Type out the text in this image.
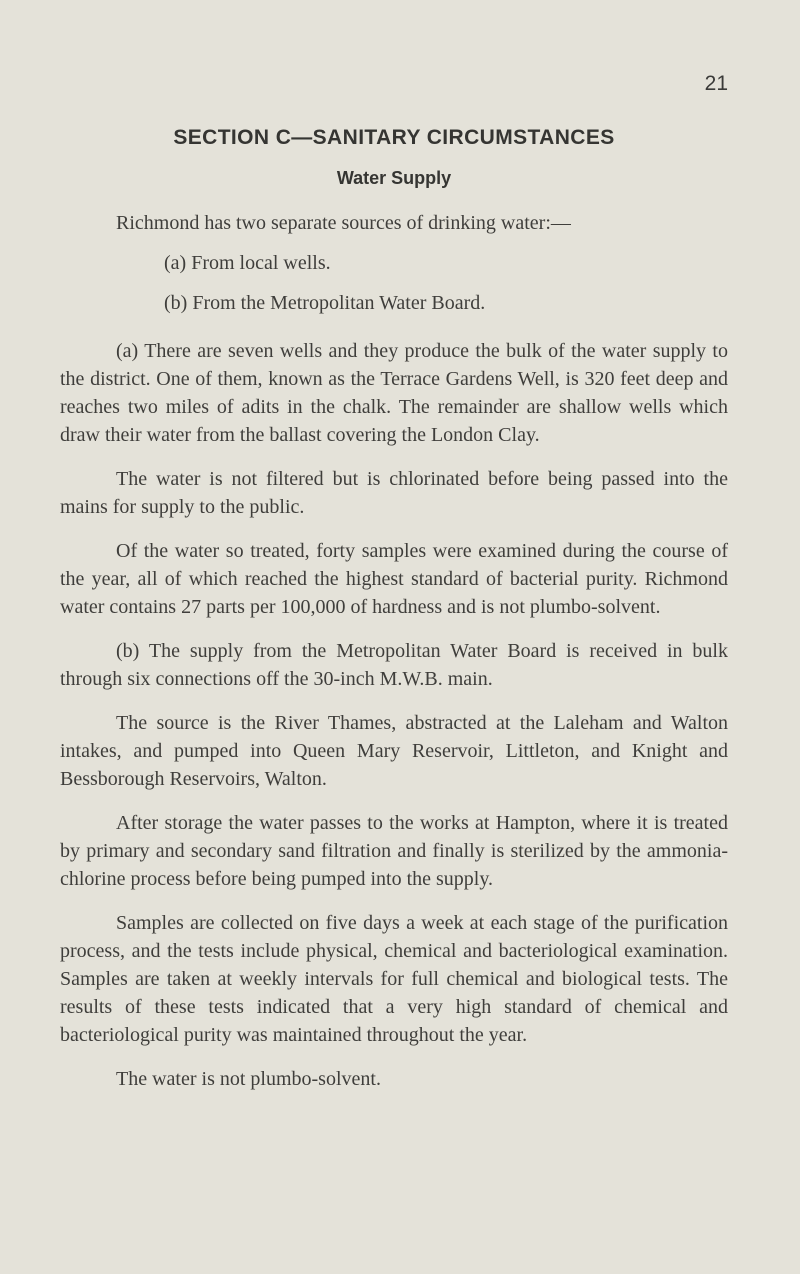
21
SECTION C—SANITARY CIRCUMSTANCES
Water Supply
Richmond has two separate sources of drinking water:—
(a) From local wells.
(b) From the Metropolitan Water Board.

(a) There are seven wells and they produce the bulk of the water supply to the district. One of them, known as the Terrace Gardens Well, is 320 feet deep and reaches two miles of adits in the chalk. The remainder are shallow wells which draw their water from the ballast covering the London Clay.

The water is not filtered but is chlorinated before being passed into the mains for supply to the public.

Of the water so treated, forty samples were examined during the course of the year, all of which reached the highest standard of bacterial purity. Richmond water contains 27 parts per 100,000 of hardness and is not plumbo-solvent.

(b) The supply from the Metropolitan Water Board is received in bulk through six connections off the 30-inch M.W.B. main.

The source is the River Thames, abstracted at the Laleham and Walton intakes, and pumped into Queen Mary Reservoir, Littleton, and Knight and Bessborough Reservoirs, Walton.

After storage the water passes to the works at Hampton, where it is treated by primary and secondary sand filtration and finally is sterilized by the ammonia-chlorine process before being pumped into the supply.

Samples are collected on five days a week at each stage of the purification process, and the tests include physical, chemical and bacteriological examination. Samples are taken at weekly intervals for full chemical and biological tests. The results of these tests indicated that a very high standard of chemical and bacteriological purity was maintained throughout the year.

The water is not plumbo-solvent.
